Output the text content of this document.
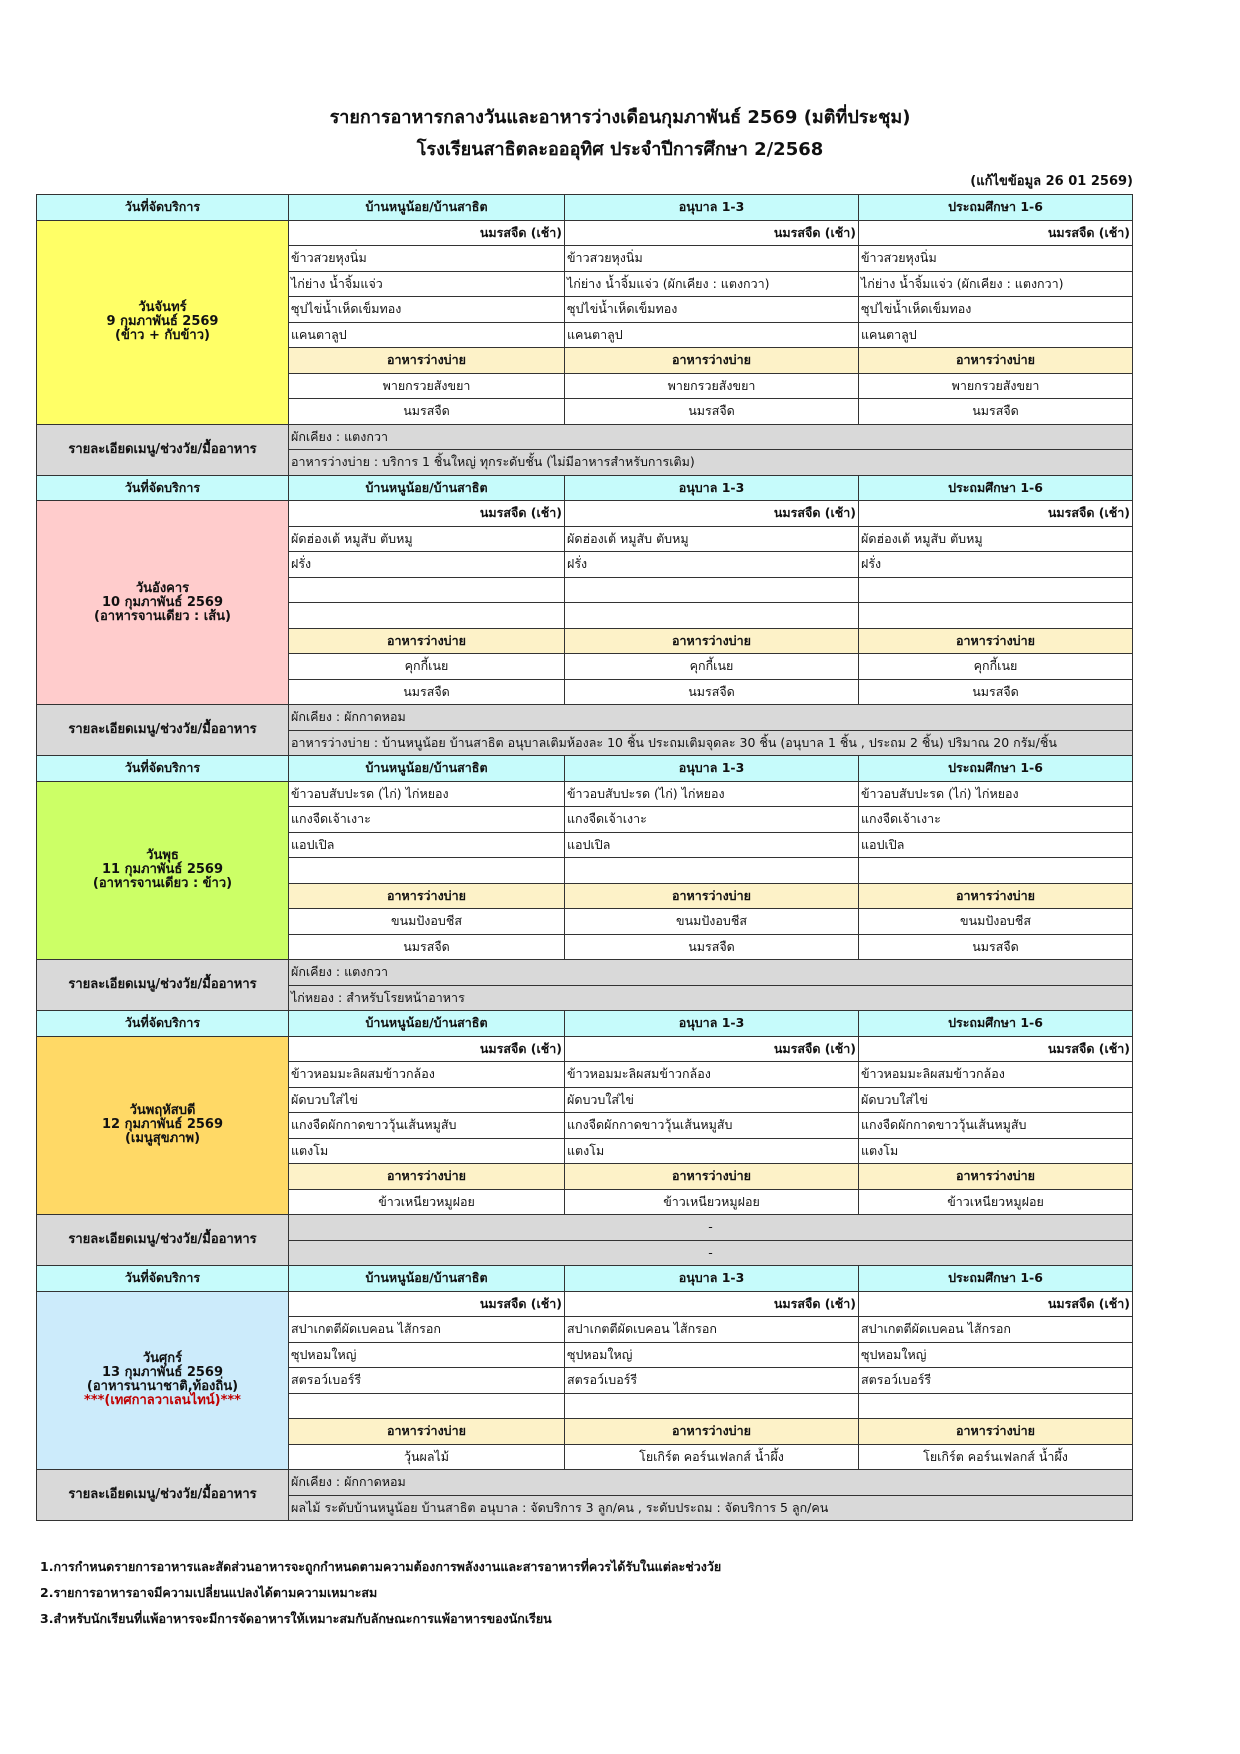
รายการอาหารกลางวันและอาหารว่างเดือนกุมภาพันธ์ 2569 (มติที่ประชุม)
โรงเรียนสาธิตละอออุทิศ ประจำปีการศึกษา 2/2568
(แก้ไขข้อมูล 26 01 2569)
วันที่จัดบริการ	บ้านหนูน้อย/บ้านสาธิต	อนุบาล 1-3	ประถมศึกษา 1-6

วันจันทร์
9 กุมภาพันธ์ 2569
(ข้าว + กับข้าว)	นมรสจืด (เช้า)	นมรสจืด (เช้า)	นมรสจืด (เช้า)
	ข้าวสวยหุงนิ่ม	ข้าวสวยหุงนิ่ม	ข้าวสวยหุงนิ่ม
	ไก่ย่าง น้ำจิ้มแจ่ว	ไก่ย่าง น้ำจิ้มแจ่ว (ผักเคียง : แตงกวา)	ไก่ย่าง น้ำจิ้มแจ่ว (ผักเคียง : แตงกวา)
	ซุปไข่น้ำเห็ดเข็มทอง	ซุปไข่น้ำเห็ดเข็มทอง	ซุปไข่น้ำเห็ดเข็มทอง
	แคนตาลูป	แคนตาลูป	แคนตาลูป
	อาหารว่างบ่าย	อาหารว่างบ่าย	อาหารว่างบ่าย
	พายกรวยสังขยา	พายกรวยสังขยา	พายกรวยสังขยา
	นมรสจืด	นมรสจืด	นมรสจืด
รายละเอียดเมนู/ช่วงวัย/มื้ออาหาร	ผักเคียง : แตงกวา		
	อาหารว่างบ่าย : บริการ 1 ชิ้นใหญ่ ทุกระดับชั้น (ไม่มีอาหารสำหรับการเติม)		
วันที่จัดบริการ	บ้านหนูน้อย/บ้านสาธิต	อนุบาล 1-3	ประถมศึกษา 1-6

วันอังคาร
10 กุมภาพันธ์ 2569
(อาหารจานเดียว : เส้น)	นมรสจืด (เช้า)	นมรสจืด (เช้า)	นมรสจืด (เช้า)
	ผัดฮ่องเต้ หมูสับ ตับหมู	ผัดฮ่องเต้ หมูสับ ตับหมู	ผัดฮ่องเต้ หมูสับ ตับหมู
	ฝรั่ง	ฝรั่ง	ฝรั่ง

	อาหารว่างบ่าย	อาหารว่างบ่าย	อาหารว่างบ่าย
	คุกกี้เนย	คุกกี้เนย	คุกกี้เนย
	นมรสจืด	นมรสจืด	นมรสจืด
รายละเอียดเมนู/ช่วงวัย/มื้ออาหาร	ผักเคียง : ผักกาดหอม		
	อาหารว่างบ่าย : บ้านหนูน้อย บ้านสาธิต อนุบาลเติมห้องละ 10 ชิ้น ประถมเติมจุดละ 30 ชิ้น (อนุบาล 1 ชิ้น , ประถม 2 ชิ้น) ปริมาณ 20 กรัม/ชิ้น		
วันที่จัดบริการ	บ้านหนูน้อย/บ้านสาธิต	อนุบาล 1-3	ประถมศึกษา 1-6

วันพุธ
11 กุมภาพันธ์ 2569
(อาหารจานเดียว : ข้าว)	ข้าวอบสับปะรด (ไก่) ไก่หยอง	ข้าวอบสับปะรด (ไก่) ไก่หยอง	ข้าวอบสับปะรด (ไก่) ไก่หยอง
	แกงจืดเจ้าเงาะ	แกงจืดเจ้าเงาะ	แกงจืดเจ้าเงาะ
	แอปเปิล	แอปเปิล	แอปเปิล

	อาหารว่างบ่าย	อาหารว่างบ่าย	อาหารว่างบ่าย
	ขนมปังอบชีส	ขนมปังอบชีส	ขนมปังอบชีส
	นมรสจืด	นมรสจืด	นมรสจืด
รายละเอียดเมนู/ช่วงวัย/มื้ออาหาร	ผักเคียง : แตงกวา		
	ไก่หยอง : สำหรับโรยหน้าอาหาร		
วันที่จัดบริการ	บ้านหนูน้อย/บ้านสาธิต	อนุบาล 1-3	ประถมศึกษา 1-6

วันพฤหัสบดี
12 กุมภาพันธ์ 2569
(เมนูสุขภาพ)	นมรสจืด (เช้า)	นมรสจืด (เช้า)	นมรสจืด (เช้า)
	ข้าวหอมมะลิผสมข้าวกล้อง	ข้าวหอมมะลิผสมข้าวกล้อง	ข้าวหอมมะลิผสมข้าวกล้อง
	ผัดบวบใส่ไข่	ผัดบวบใส่ไข่	ผัดบวบใส่ไข่
	แกงจืดผักกาดขาววุ้นเส้นหมูสับ	แกงจืดผักกาดขาววุ้นเส้นหมูสับ	แกงจืดผักกาดขาววุ้นเส้นหมูสับ
	แตงโม	แตงโม	แตงโม
	อาหารว่างบ่าย	อาหารว่างบ่าย	อาหารว่างบ่าย
	ข้าวเหนียวหมูฝอย	ข้าวเหนียวหมูฝอย	ข้าวเหนียวหมูฝอย
รายละเอียดเมนู/ช่วงวัย/มื้ออาหาร	-		
	-		
วันที่จัดบริการ	บ้านหนูน้อย/บ้านสาธิต	อนุบาล 1-3	ประถมศึกษา 1-6

วันศุกร์
13 กุมภาพันธ์ 2569
(อาหารนานาชาติ,ท้องถิ่น)
***(เทศกาลวาเลนไทน์)***	นมรสจืด (เช้า)	นมรสจืด (เช้า)	นมรสจืด (เช้า)
	สปาเกตตีผัดเบคอน ไส้กรอก	สปาเกตตีผัดเบคอน ไส้กรอก	สปาเกตตีผัดเบคอน ไส้กรอก
	ซุปหอมใหญ่	ซุปหอมใหญ่	ซุปหอมใหญ่
	สตรอว์เบอร์รี	สตรอว์เบอร์รี	สตรอว์เบอร์รี

	อาหารว่างบ่าย	อาหารว่างบ่าย	อาหารว่างบ่าย
	วุ้นผลไม้	โยเกิร์ต คอร์นเฟลกส์ น้ำผึ้ง	โยเกิร์ต คอร์นเฟลกส์ น้ำผึ้ง
รายละเอียดเมนู/ช่วงวัย/มื้ออาหาร	ผักเคียง : ผักกาดหอม		
	ผลไม้ ระดับบ้านหนูน้อย บ้านสาธิต อนุบาล : จัดบริการ 3 ลูก/คน , ระดับประถม : จัดบริการ 5 ลูก/คน		
1.การกำหนดรายการอาหารและสัดส่วนอาหารจะถูกกำหนดตามความต้องการพลังงานและสารอาหารที่ควรได้รับในแต่ละช่วงวัย
2.รายการอาหารอาจมีความเปลี่ยนแปลงได้ตามความเหมาะสม
3.สำหรับนักเรียนที่แพ้อาหารจะมีการจัดอาหารให้เหมาะสมกับลักษณะการแพ้อาหารของนักเรียน
